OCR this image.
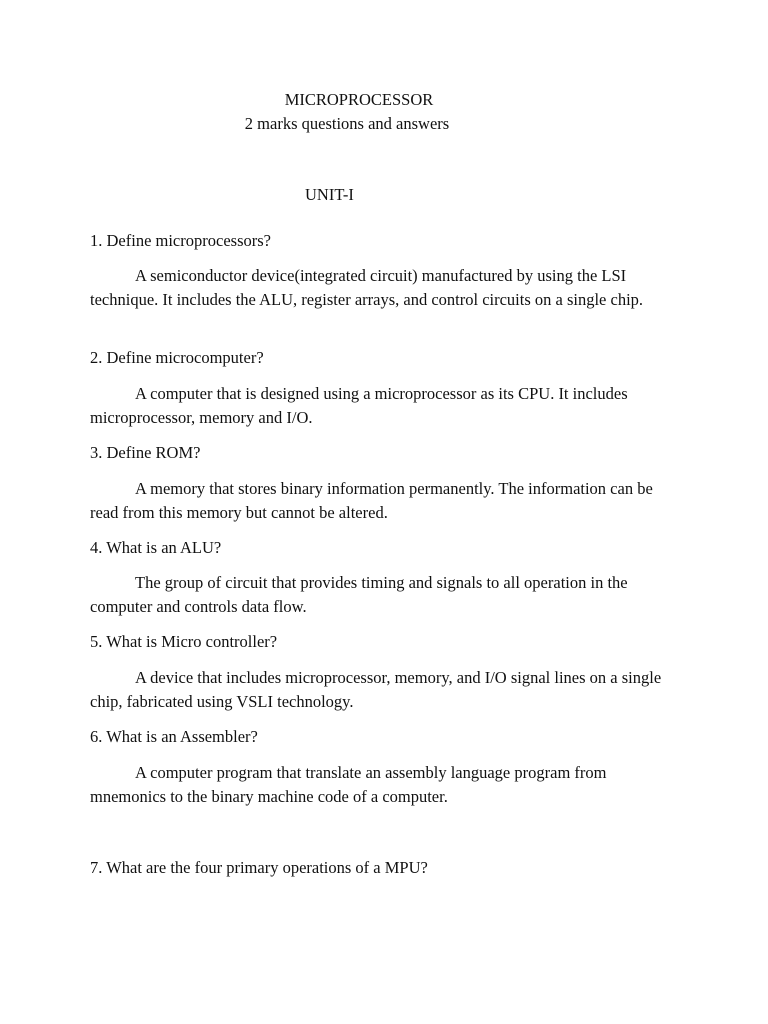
MICROPROCESSOR
2 marks questions and answers
UNIT-I

1. Define microprocessors?

A semiconductor device(integrated circuit) manufactured by using the LSI technique. It includes the ALU, register arrays, and control circuits on a single chip.

2. Define microcomputer?

A computer that is designed using a microprocessor as its CPU. It includes microprocessor, memory and I/O.

3. Define ROM?

A memory that stores binary information permanently. The information can be read from this memory but cannot be altered.

4. What is an ALU?

The group of circuit that provides timing and signals to all operation in the computer and controls data flow.

5. What is Micro controller?

A device that includes microprocessor, memory, and I/O signal lines on a single chip, fabricated using VSLI technology.

6. What is an Assembler?

A computer program that translate an assembly language program from mnemonics to the binary machine code of a computer.

7. What are the four primary operations of a MPU?
